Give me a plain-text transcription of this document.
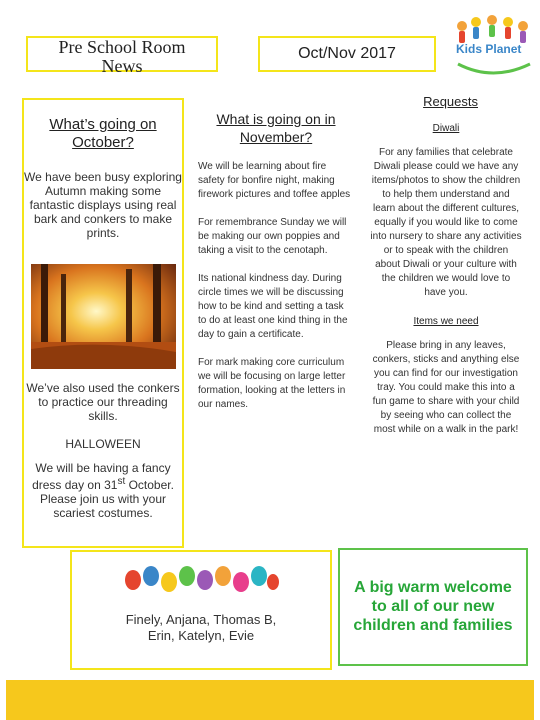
Pre School Room
News
Oct/Nov 2017	Kids Planet
What’s going on
October?

We have been busy exploring Autumn making some fantastic displays using real bark and conkers to make prints.

We’ve also used the conkers to practice our threading skills.

HALLOWEEN

We will be having a fancy dress day on 31st October. Please join us with your scariest costumes.

What is going on in
November?

We will be learning about fire safety for bonfire night, making firework pictures and toffee apples

For remembrance Sunday we will be making our own poppies and taking a visit to the cenotaph.

Its national kindness day. During circle times we will be discussing how to be kind and setting a task to do at least one kind thing in the day to gain a certificate.

For mark making core curriculum we will be focusing on large letter formation, looking at the letters in our names.

Requests
Diwali

For any families that celebrate Diwali please could we have any items/photos to show the children to help them understand and learn about the different cultures, equally if you would like to come into nursery to share any activities or to speak with the children about Diwali or your culture with the children we would love to have you.

Items we need

Please bring in any leaves, conkers, sticks and anything else you can find for our investigation tray. You could make this into a fun game to share with your child by seeing who can collect the most while on a walk in the park!

Finely, Anjana, Thomas B,
Erin, Katelyn, Evie
A big warm welcome
to all of our new
children and families
